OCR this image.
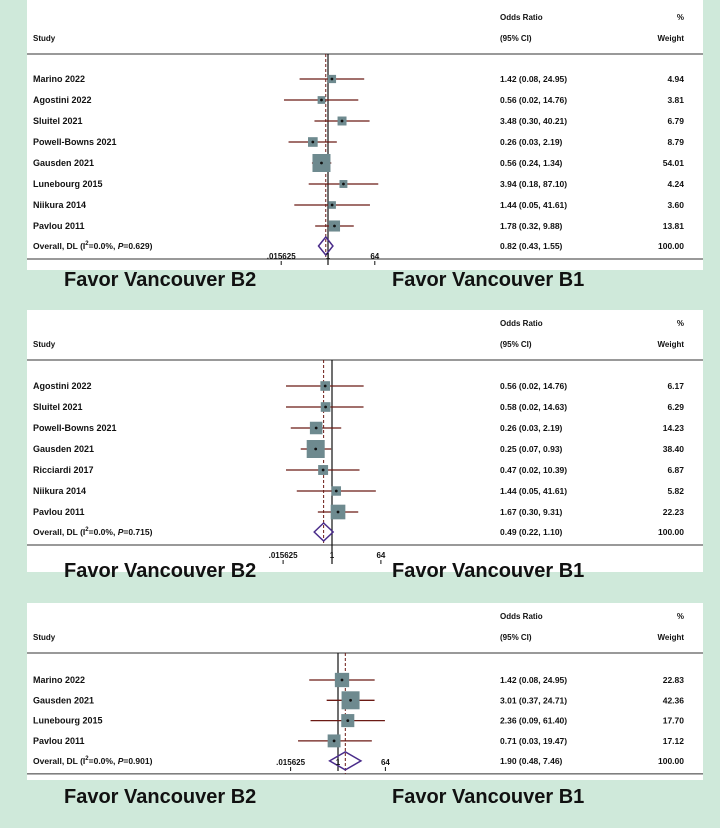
Study
Odds Ratio
(95% CI)
%
Weight
Marino 2022	1.42 (0.08, 24.95)	4.94
Agostini 2022	0.56 (0.02, 14.76)	3.81
Sluitel 2021	3.48 (0.30, 40.21)	6.79
Powell-Bowns 2021	0.26 (0.03, 2.19)	8.79
Gausden 2021	0.56 (0.24, 1.34)	54.01
Lunebourg 2015	3.94 (0.18, 87.10)	4.24
Niikura 2014	1.44 (0.05, 41.61)	3.60
Pavlou 2011	1.78 (0.32, 9.88)	13.81
Overall, DL ($I^2=0.0\%$, P=0.629)	0.82 (0.43, 1.55)	100.00
.015625	1	64
Favor Vancouver B2	Favor Vancouver B1
Study
Odds Ratio
(95% CI)
%
Weight
Agostini 2022	0.56 (0.02, 14.76)	6.17
Sluitel 2021	0.58 (0.02, 14.63)	6.29
Powell-Bowns 2021	0.26 (0.03, 2.19)	14.23
Gausden 2021	0.25 (0.07, 0.93)	38.40
Ricciardi 2017	0.47 (0.02, 10.39)	6.87
Niikura 2014	1.44 (0.05, 41.61)	5.82
Pavlou 2011	1.67 (0.30, 9.31)	22.23
Overall, DL ($I^2=0.0\%$, P=0.715)	0.49 (0.22, 1.10)	100.00
.015625	1	64
Favor Vancouver B2	Favor Vancouver B1
Study
Odds Ratio
(95% CI)
%
Weight
Marino 2022	1.42 (0.08, 24.95)	22.83
Gausden 2021	3.01 (0.37, 24.71)	42.36
Lunebourg 2015	2.36 (0.09, 61.40)	17.70
Pavlou 2011	0.71 (0.03, 19.47)	17.12
Overall, DL ($I^2=0.0\%$, P=0.901)	1.90 (0.48, 7.46)	100.00
.015625	1	64
Favor Vancouver B2	Favor Vancouver B1
